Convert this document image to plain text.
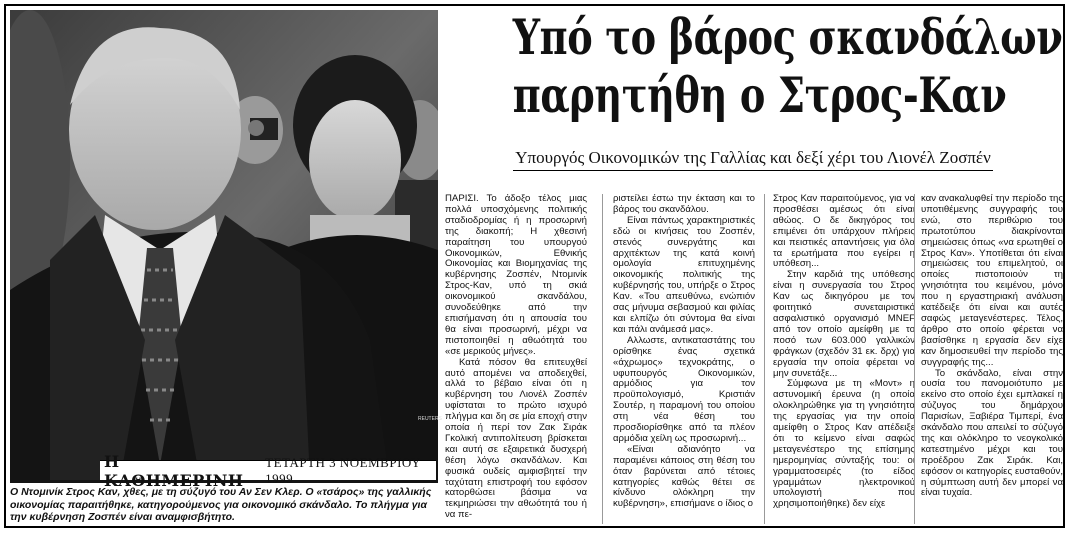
REUTERS
Η ΚΑΘΗΜΕΡΙΝΗ
ΤΕΤΑΡΤΗ 3 ΝΟΕΜΒΡΙΟΥ 1999
Ο Ντομινίκ Στρος Καν, χθες, με τη σύζυγό του Αν Σεν Κλερ. Ο «τσάρος» της γαλλικής οικονομίας παραιτήθηκε, κατηγορούμενος για οικονομικό σκάνδαλο. Το πλήγμα για την κυβέρνηση Ζοσπέν είναι αναμφισβήτητο.
Υπό το βάρος σκανδάλων
παρητήθη ο Στρος-Καν
Υπουργός Οικονομικών της Γαλλίας και δεξί χέρι του Λιονέλ Ζοσπέν

ΠΑΡΙΣΙ. Το άδοξο τέλος μιας πολλά υποσχόμενης πολιτικής σταδιοδρομίας ή η προσωρινή της διακοπή; Η χθεσινή παραίτηση του υπουργού Οικονομικών, Εθνικής Οικονομίας και Βιομηχανίας της κυβέρνησης Ζοσπέν, Ντομινίκ Στρος-Καν, υπό τη σκιά οικονομικού σκανδάλου, συνοδεύθηκε από την επισήμανση ότι η απουσία του θα είναι προσωρινή, μέχρι να πιστοποιηθεί η αθωότητά του «σε μερικούς μήνες».

Κατά πόσον θα επιτευχθεί αυτό απομένει να αποδειχθεί, αλλά το βέβαιο είναι ότι η κυβέρνηση του Λιονέλ Ζοσπέν υφίσταται το πρώτο ισχυρό πλήγμα και δη σε μία εποχή στην οποία ή περί τον Ζακ Σιράκ Γκολική αντιπολίτευση βρίσκεται και αυτή σε εξαιρετικά δυσχερή θέση λόγω σκανδάλων. Και φυσικά ουδείς αμφισβητεί την ταχύτατη επιστροφή του εφόσον κατορθώσει βάσιμα να τεκμηριώσει την αθωότητά του ή να πε-

ριστείλει έστω την έκταση και το βάρος του σκανδάλου.

Είναι πάντως χαρακτηριστικές εδώ οι κινήσεις του Ζοσπέν, στενός συνεργάτης και αρχιτέκτων της κατά κοινή ομολογία επιτυχημένης οικονομικής πολιτικής της κυβέρνησής του, υπήρξε ο Στρος Καν. «Του απευθύνω, ενώπιόν σας μήνυμα σεβασμού και φιλίας και ελπίζω ότι σύντομα θα είναι και πάλι ανάμεσά μας».

Αλλωστε, αντικαταστάτης του ορίσθηκε ένας σχετικά «άχρωμος» τεχνοκράτης, ο υφυπουργός Οικονομικών, αρμόδιος για τον προϋπολογισμό, Κριστιάν Σουτέρ, η παραμονή του οποίου στη νέα θέση του προσδιορίσθηκε από τα πλέον αρμόδια χείλη ως προσωρινή...

«Είναι αδιανόητο να παραμένει κάποιος στη θέση του όταν βαρύνεται από τέτοιες κατηγορίες καθώς θέτει σε κίνδυνο ολόκληρη την κυβέρνηση», επισήμανε ο ίδιος ο

Στρος Καν παραιτούμενος, για να προσθέσει αμέσως ότι είναι αθώος. Ο δε δικηγόρος του επιμένει ότι υπάρχουν πλήρεις και πειστικές απαντήσεις για όλα τα ερωτήματα που εγείρει η υπόθεση...

Στην καρδιά της υπόθεσης είναι η συνεργασία του Στρος Καν ως δικηγόρου με τον φοιτητικό συνεταιριστικό ασφαλιστικό οργανισμό MNEF από τον οποίο αμείφθη με το ποσό των 603.000 γαλλικών φράγκων (σχεδόν 31 εκ. δρχ) για εργασία την οποία φέρεται να μην συνετάξε...

Σύμφωνα με τη «Μοντ» η αστυνομική έρευνα (η οποία ολοκληρώθηκε για τη γνησιότητα της εργασίας για την οποία αμείφθη ο Στρος Καν απέδειξε ότι το κείμενο είναι σαφώς μεταγενέστερο της επίσημης ημερομηνίας σύνταξής του: οι γραμματοσειρές (το είδος γραμμάτων ηλεκτρονικού υπολογιστή που χρησιμοποιήθηκε) δεν είχε

καν ανακαλυφθεί την περίοδο της υποτιθέμενης συγγραφής του ενώ, στο περιθώριο του πρωτοτύπου διακρίνονται σημειώσεις όπως «να ερωτηθεί ο Στρος Καν». Υποτίθεται ότι είναι σημειώσεις του επιμελητού, οι οποίες πιστοποιούν τη γνησιότητα του κειμένου, μόνο που η εργαστηριακή ανάλυση κατέδειξε ότι είναι και αυτές σαφώς μεταγενέστερες. Τέλος, άρθρο στο οποίο φέρεται να βασίσθηκε η εργασία δεν είχε καν δημοσιευθεί την περίοδο της συγγραφής της...

Το σκάνδαλο, είναι στην ουσία του πανομοιότυπο με εκείνο στο οποίο έχει εμπλακεί η σύζυγος του δημάρχου Παρισίων, Ξαβιέρα Τιμπερί, ένα σκάνδαλο που απειλεί το σύζυγό της και ολόκληρο το νεογκολικό κατεστημένο μέχρι και του προέδρου Ζακ Σιράκ. Και, εφόσον οι κατηγορίες ευσταθούν, η σύμπτωση αυτή δεν μπορεί να είναι τυχαία.
